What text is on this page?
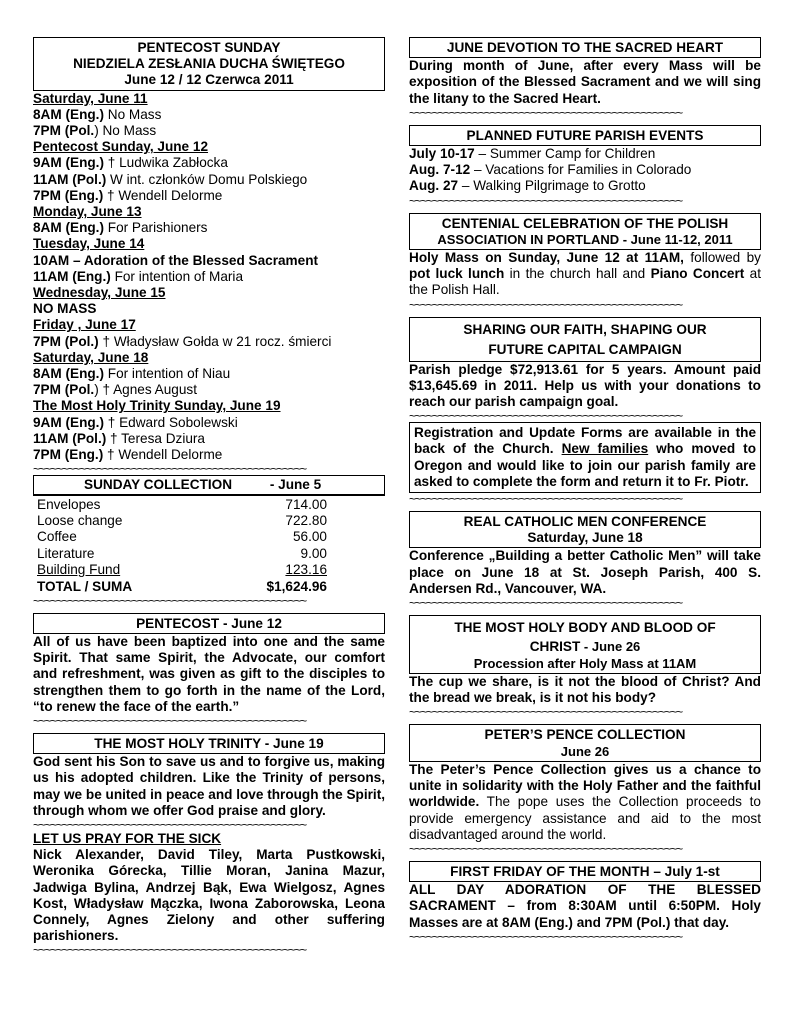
PENTECOST SUNDAY
NIEDZIELA ZESŁANIA DUCHA ŚWIĘTEGO
June 12 / 12 Czerwca 2011
Saturday, June 11
8AM (Eng.) No Mass
7PM (Pol.) No Mass
Pentecost Sunday, June 12
9AM (Eng.) † Ludwika Zabłocka
11AM (Pol.) W int. członków Domu Polskiego
7PM (Eng.) † Wendell Delorme
Monday, June 13
8AM (Eng.) For Parishioners
Tuesday, June 14
10AM – Adoration of the Blessed Sacrament
11AM (Eng.) For intention of Maria
Wednesday, June 15
NO MASS
Friday , June 17
7PM (Pol.) † Władysław Gołda w 21 rocz. śmierci
Saturday, June 18
8AM (Eng.) For intention of Niau
7PM (Pol.) † Agnes August
The Most Holy Trinity Sunday, June 19
9AM (Eng.) † Edward Sobolewski
11AM (Pol.) † Teresa Dziura
7PM (Eng.) † Wendell Delorme
~~~~~~~~~~~~~~~~~~~~~~~~~~~~~~~~~~~~~~~~~~~~~~~
SUNDAY COLLECTION	- June 5
Envelopes	714.00
Loose change	722.80
Coffee	56.00
Literature	9.00
Building Fund	123.16
TOTAL / SUMA	$1,624.96
~~~~~~~~~~~~~~~~~~~~~~~~~~~~~~~~~~~~~~~~~~~~~~~
PENTECOST - June 12
All of us have been baptized into one and the same Spirit. That same Spirit, the Advocate, our comfort and refreshment, was given as gift to the disciples to strengthen them to go forth in the name of the Lord, “to renew the face of the earth.”
~~~~~~~~~~~~~~~~~~~~~~~~~~~~~~~~~~~~~~~~~~~~~~~
THE MOST HOLY TRINITY - June 19
God sent his Son to save us and to forgive us, making us his adopted children. Like the Trinity of persons, may we be united in peace and love through the Spirit, through whom we offer God praise and glory.
~~~~~~~~~~~~~~~~~~~~~~~~~~~~~~~~~~~~~~~~~~~~~~~
LET US PRAY FOR THE SICK
Nick Alexander, David Tiley, Marta Pustkowski, Weronika Górecka, Tillie Moran, Janina Mazur, Jadwiga Bylina, Andrzej Bąk, Ewa Wielgosz, Agnes Kost, Władysław Mączka, Iwona Zaborowska, Leona Connely, Agnes Zielony and other suffering parishioners.
~~~~~~~~~~~~~~~~~~~~~~~~~~~~~~~~~~~~~~~~~~~~~~~
JUNE DEVOTION TO THE SACRED HEART
During month of June, after every Mass will be exposition of the Blessed Sacrament and we will sing the litany to the Sacred Heart.
~~~~~~~~~~~~~~~~~~~~~~~~~~~~~~~~~~~~~~~~~~~~~~~
PLANNED FUTURE PARISH EVENTS
July 10-17 – Summer Camp for Children
Aug. 7-12 – Vacations for Families in Colorado
Aug. 27 – Walking Pilgrimage to Grotto
~~~~~~~~~~~~~~~~~~~~~~~~~~~~~~~~~~~~~~~~~~~~~~~
CENTENIAL CELEBRATION OF THE POLISH
ASSOCIATION IN PORTLAND - June 11-12, 2011
Holy Mass on Sunday, June 12 at 11AM, followed by pot luck lunch in the church hall and Piano Concert at the Polish Hall.
~~~~~~~~~~~~~~~~~~~~~~~~~~~~~~~~~~~~~~~~~~~~~~~
SHARING OUR FAITH, SHAPING OUR
FUTURE CAPITAL CAMPAIGN
Parish pledge $72,913.61 for 5 years. Amount paid $13,645.69 in 2011. Help us with your donations to reach our parish campaign goal.
~~~~~~~~~~~~~~~~~~~~~~~~~~~~~~~~~~~~~~~~~~~~~~~
Registration and Update Forms are available in the back of the Church. New families who moved to Oregon and would like to join our parish family are asked to complete the form and return it to Fr. Piotr.
~~~~~~~~~~~~~~~~~~~~~~~~~~~~~~~~~~~~~~~~~~~~~~~
REAL CATHOLIC MEN CONFERENCE
Saturday, June 18
Conference „Building a better Catholic Men” will take place on June 18 at St. Joseph Parish, 400 S. Andersen Rd., Vancouver, WA.
~~~~~~~~~~~~~~~~~~~~~~~~~~~~~~~~~~~~~~~~~~~~~~~
THE MOST HOLY BODY AND BLOOD OF
CHRIST - June 26
Procession after Holy Mass at 11AM
The cup we share, is it not the blood of Christ? And the bread we break, is it not his body?
~~~~~~~~~~~~~~~~~~~~~~~~~~~~~~~~~~~~~~~~~~~~~~~
PETER’S PENCE COLLECTION
June 26
The Peter’s Pence Collection gives us a chance to unite in solidarity with the Holy Father and the faithful worldwide. The pope uses the Collection proceeds to provide emergency assistance and aid to the most disadvantaged around the world.
~~~~~~~~~~~~~~~~~~~~~~~~~~~~~~~~~~~~~~~~~~~~~~~
FIRST FRIDAY OF THE MONTH – July 1-st
ALL DAY ADORATION OF THE BLESSED SACRAMENT – from 8:30AM until 6:50PM. Holy Masses are at 8AM (Eng.) and 7PM (Pol.) that day.
~~~~~~~~~~~~~~~~~~~~~~~~~~~~~~~~~~~~~~~~~~~~~~~
